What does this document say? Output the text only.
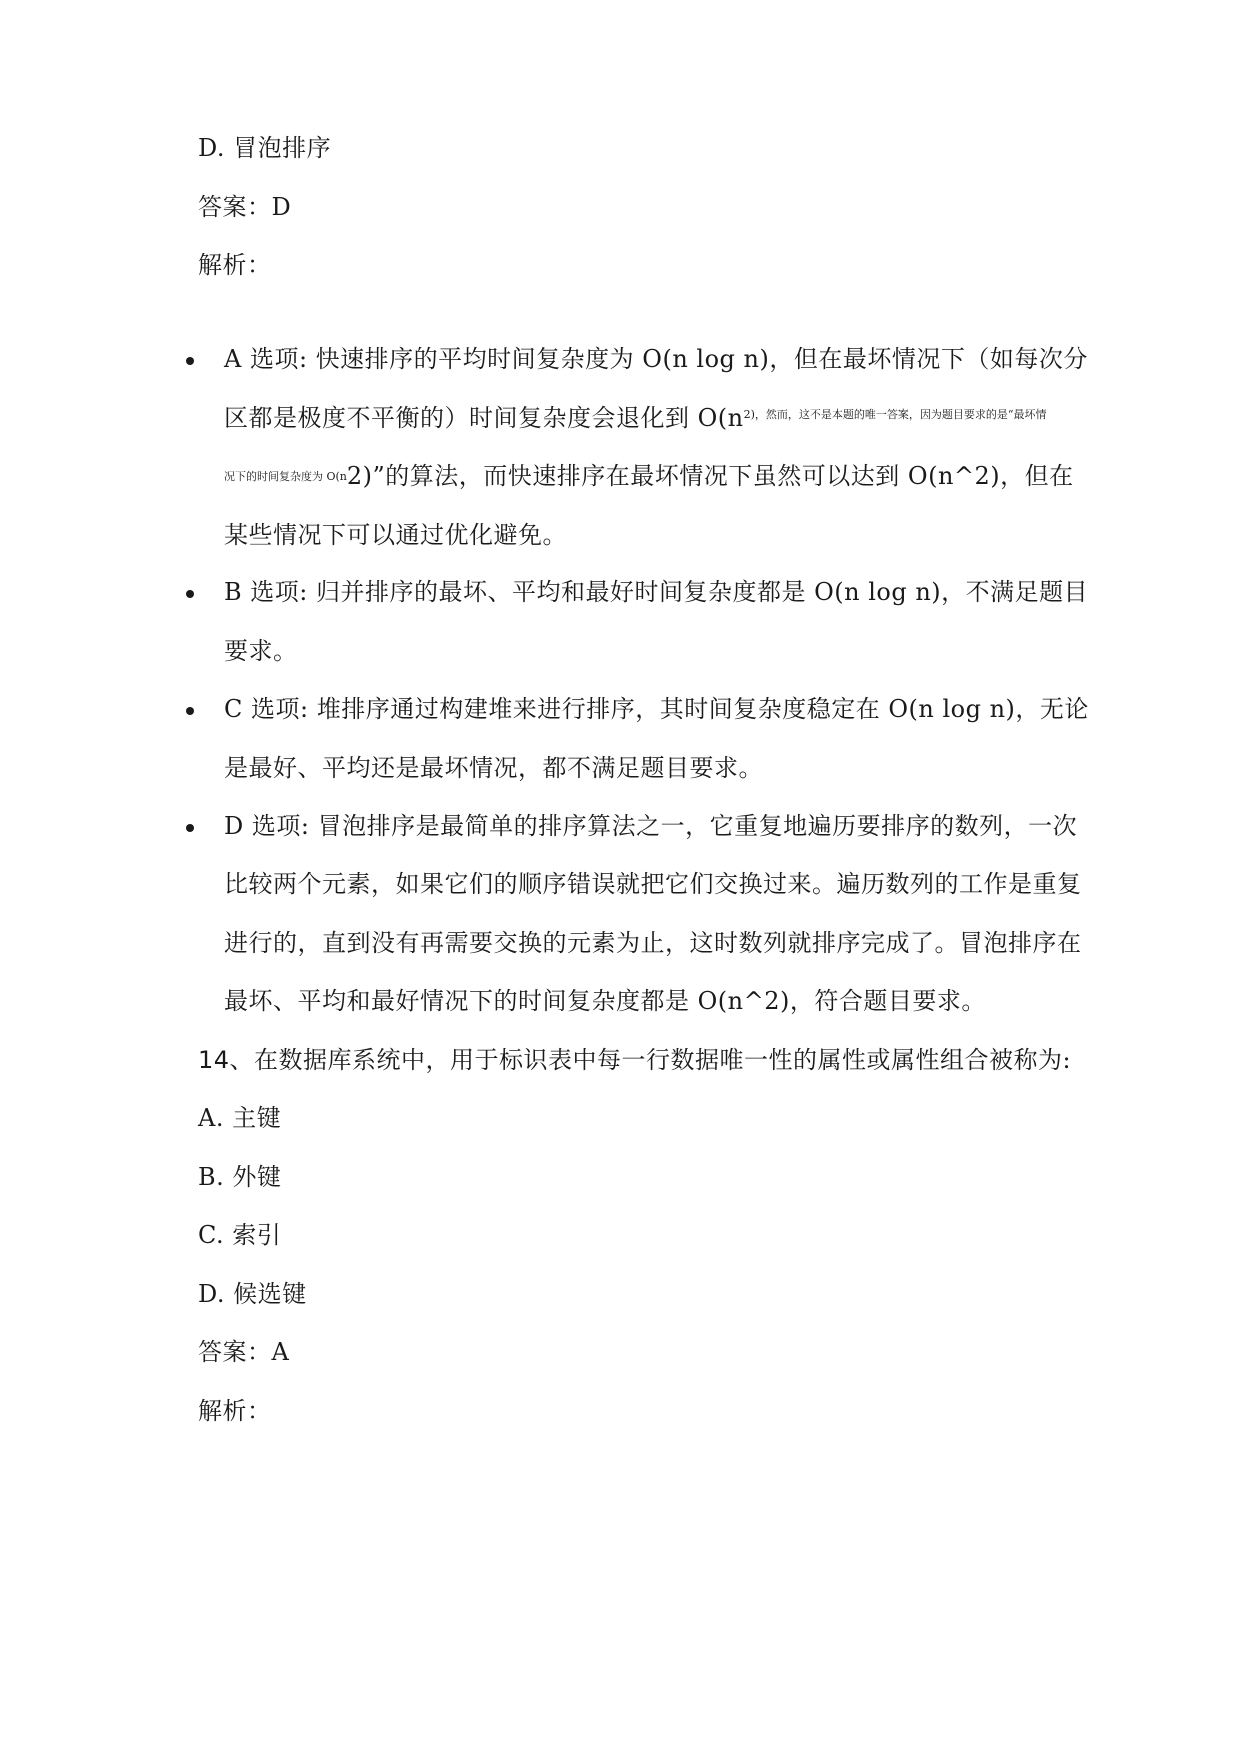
D. 冒泡排序
答案：D
解析：
A 选项: 快速排序的平均时间复杂度为 O(n log n)，但在最坏情况下（如每次分
区都是极度不平衡的）时间复杂度会退化到 $O(n^{2),然而,这不是本题的唯一答案,因为题目要求的是“最坏情}$
况下的时间复杂度为 O(n2)”的算法，而快速排序在最坏情况下虽然可以达到 O(n^2)，但在
某些情况下可以通过优化避免。
B 选项: 归并排序的最坏、平均和最好时间复杂度都是 O(n log n)，不满足题目
要求。
C 选项: 堆排序通过构建堆来进行排序，其时间复杂度稳定在 O(n log n)，无论
是最好、平均还是最坏情况，都不满足题目要求。
D 选项: 冒泡排序是最简单的排序算法之一，它重复地遍历要排序的数列，一次
比较两个元素，如果它们的顺序错误就把它们交换过来。遍历数列的工作是重复
进行的，直到没有再需要交换的元素为止，这时数列就排序完成了。冒泡排序在
最坏、平均和最好情况下的时间复杂度都是 O(n^2)，符合题目要求。
14、在数据库系统中，用于标识表中每一行数据唯一性的属性或属性组合被称为:
A. 主键
B. 外键
C. 索引
D. 候选键
答案：A
解析：
